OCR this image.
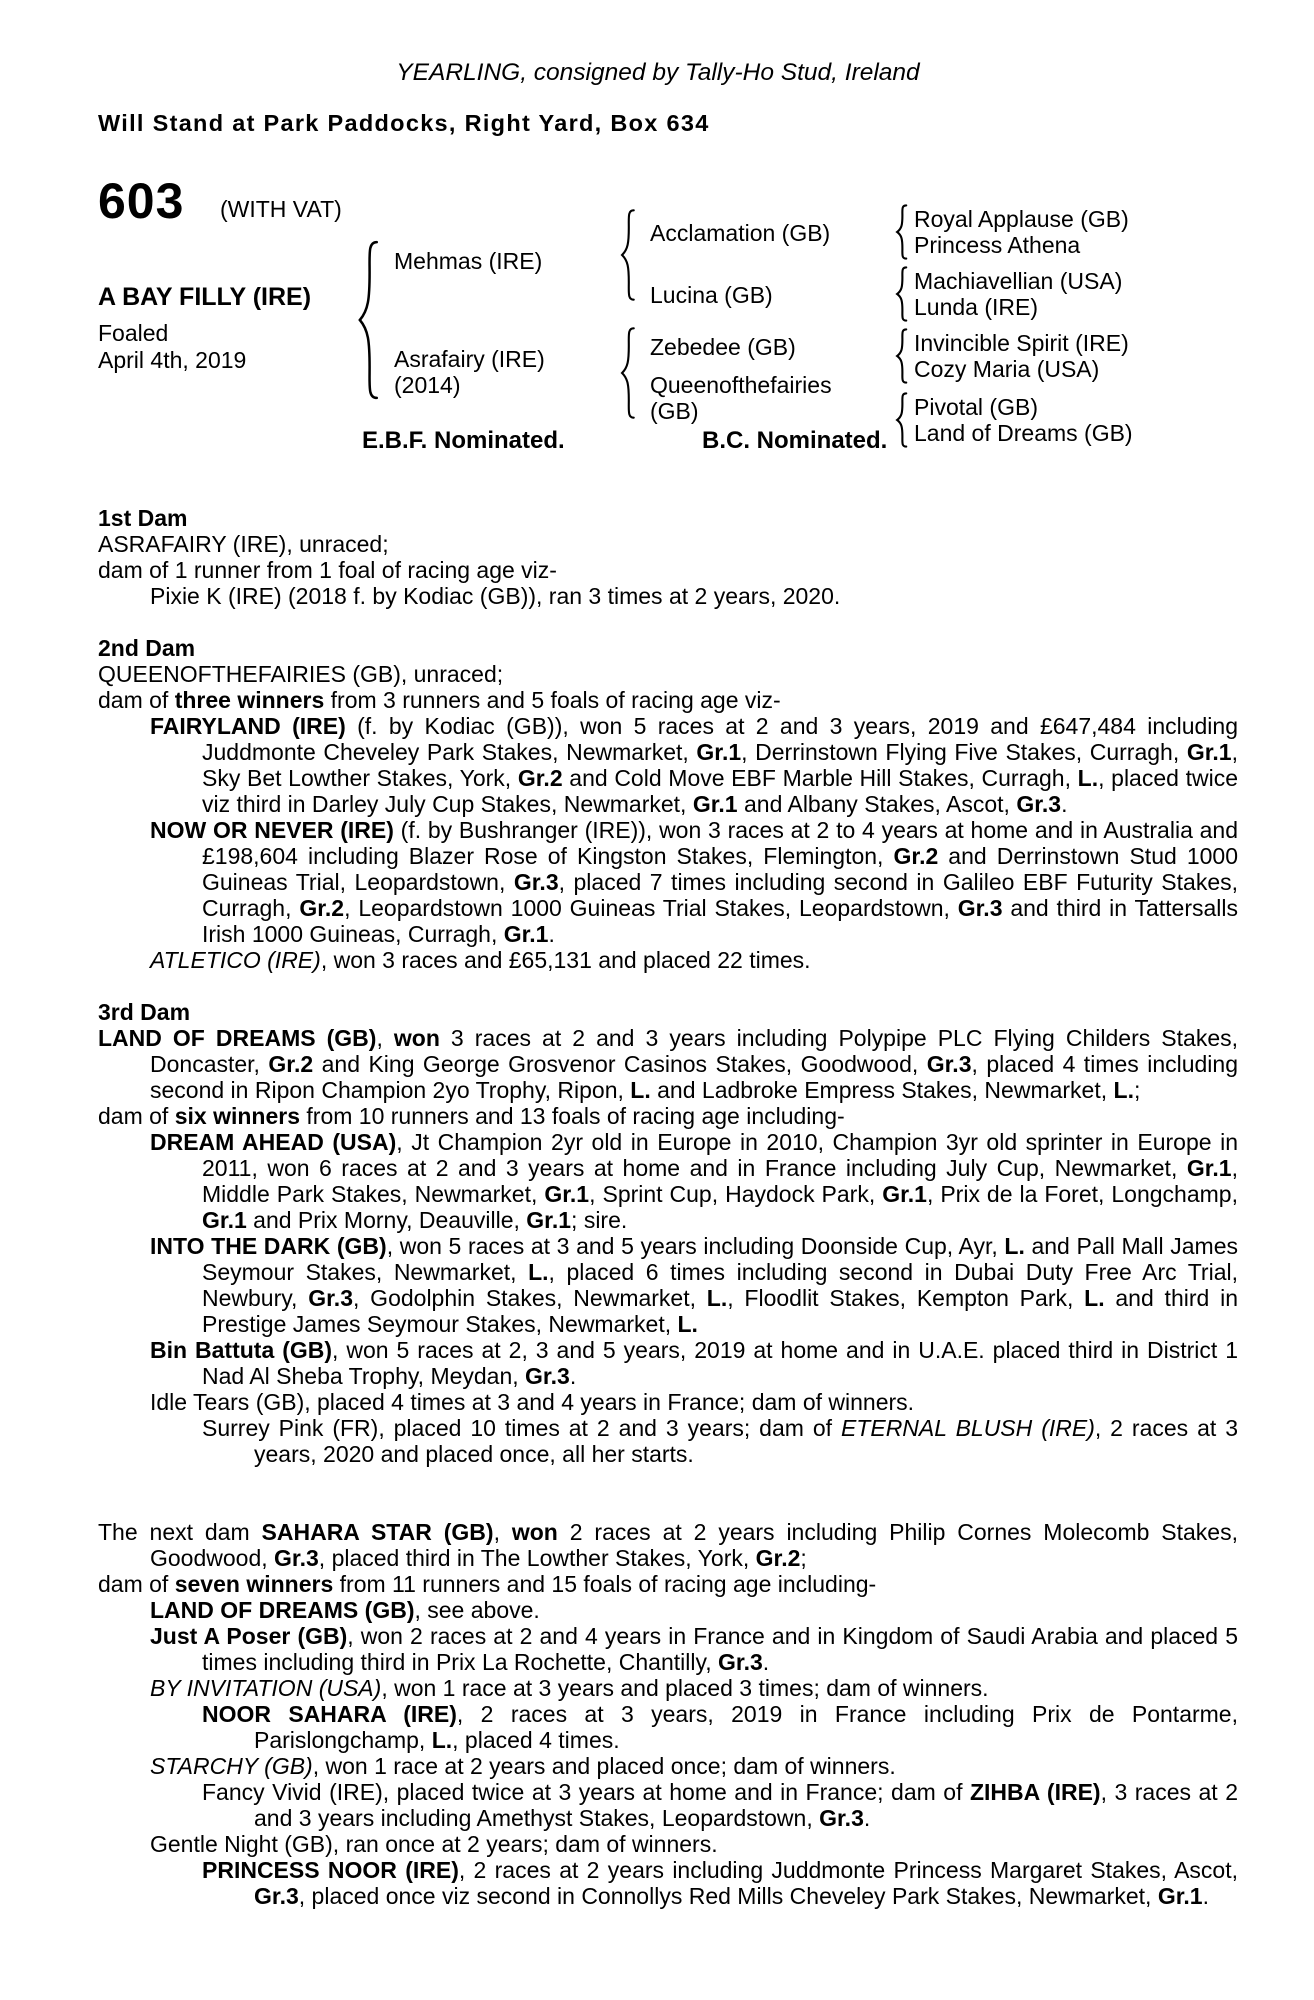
YEARLING, consigned by Tally-Ho Stud, Ireland
Will Stand at Park Paddocks, Right Yard, Box 634
603 (WITH VAT)
A BAY FILLY (IRE)
Foaled
April 4th, 2019
Mehmas (IRE)
Asrafairy (IRE)
(2014)
Acclamation (GB)
Lucina (GB)
Zebedee (GB)
Queenofthefairies
(GB)
Royal Applause (GB)
Princess Athena
Machiavellian (USA)
Lunda (IRE)
Invincible Spirit (IRE)
Cozy Maria (USA)
Pivotal (GB)
Land of Dreams (GB)
E.B.F. Nominated.	B.C. Nominated.

1st Dam

ASRAFAIRY (IRE), unraced;

dam of 1 runner from 1 foal of racing age viz-

Pixie K (IRE) (2018 f. by Kodiac (GB)), ran 3 times at 2 years, 2020.

2nd Dam

QUEENOFTHEFAIRIES (GB), unraced;

dam of three winners from 3 runners and 5 foals of racing age viz-

FAIRYLAND (IRE) (f. by Kodiac (GB)), won 5 races at 2 and 3 years, 2019 and £647,484 including Juddmonte Cheveley Park Stakes, Newmarket, Gr.1, Derrinstown Flying Five Stakes, Curragh, Gr.1, Sky Bet Lowther Stakes, York, Gr.2 and Cold Move EBF Marble Hill Stakes, Curragh, L., placed twice viz third in Darley July Cup Stakes, Newmarket, Gr.1 and Albany Stakes, Ascot, Gr.3.

NOW OR NEVER (IRE) (f. by Bushranger (IRE)), won 3 races at 2 to 4 years at home and in Australia and £198,604 including Blazer Rose of Kingston Stakes, Flemington, Gr.2 and Derrinstown Stud 1000 Guineas Trial, Leopardstown, Gr.3, placed 7 times including second in Galileo EBF Futurity Stakes, Curragh, Gr.2, Leopardstown 1000 Guineas Trial Stakes, Leopardstown, Gr.3 and third in Tattersalls Irish 1000 Guineas, Curragh, Gr.1.

ATLETICO (IRE), won 3 races and £65,131 and placed 22 times.

3rd Dam

LAND OF DREAMS (GB), won 3 races at 2 and 3 years including Polypipe PLC Flying Childers Stakes, Doncaster, Gr.2 and King George Grosvenor Casinos Stakes, Goodwood, Gr.3, placed 4 times including second in Ripon Champion 2yo Trophy, Ripon, L. and Ladbroke Empress Stakes, Newmarket, L.;

dam of six winners from 10 runners and 13 foals of racing age including-

DREAM AHEAD (USA), Jt Champion 2yr old in Europe in 2010, Champion 3yr old sprinter in Europe in 2011, won 6 races at 2 and 3 years at home and in France including July Cup, Newmarket, Gr.1, Middle Park Stakes, Newmarket, Gr.1, Sprint Cup, Haydock Park, Gr.1, Prix de la Foret, Longchamp, Gr.1 and Prix Morny, Deauville, Gr.1; sire.

INTO THE DARK (GB), won 5 races at 3 and 5 years including Doonside Cup, Ayr, L. and Pall Mall James Seymour Stakes, Newmarket, L., placed 6 times including second in Dubai Duty Free Arc Trial, Newbury, Gr.3, Godolphin Stakes, Newmarket, L., Floodlit Stakes, Kempton Park, L. and third in Prestige James Seymour Stakes, Newmarket, L.

Bin Battuta (GB), won 5 races at 2, 3 and 5 years, 2019 at home and in U.A.E. placed third in District 1 Nad Al Sheba Trophy, Meydan, Gr.3.

Idle Tears (GB), placed 4 times at 3 and 4 years in France; dam of winners.

Surrey Pink (FR), placed 10 times at 2 and 3 years; dam of ETERNAL BLUSH (IRE), 2 races at 3 years, 2020 and placed once, all her starts.

The next dam SAHARA STAR (GB), won 2 races at 2 years including Philip Cornes Molecomb Stakes, Goodwood, Gr.3, placed third in The Lowther Stakes, York, Gr.2;

dam of seven winners from 11 runners and 15 foals of racing age including-

LAND OF DREAMS (GB), see above.

Just A Poser (GB), won 2 races at 2 and 4 years in France and in Kingdom of Saudi Arabia and placed 5 times including third in Prix La Rochette, Chantilly, Gr.3.

BY INVITATION (USA), won 1 race at 3 years and placed 3 times; dam of winners.

NOOR SAHARA (IRE), 2 races at 3 years, 2019 in France including Prix de Pontarme, Parislongchamp, L., placed 4 times.

STARCHY (GB), won 1 race at 2 years and placed once; dam of winners.

Fancy Vivid (IRE), placed twice at 3 years at home and in France; dam of ZIHBA (IRE), 3 races at 2 and 3 years including Amethyst Stakes, Leopardstown, Gr.3.

Gentle Night (GB), ran once at 2 years; dam of winners.

PRINCESS NOOR (IRE), 2 races at 2 years including Juddmonte Princess Margaret Stakes, Ascot, Gr.3, placed once viz second in Connollys Red Mills Cheveley Park Stakes, Newmarket, Gr.1.
